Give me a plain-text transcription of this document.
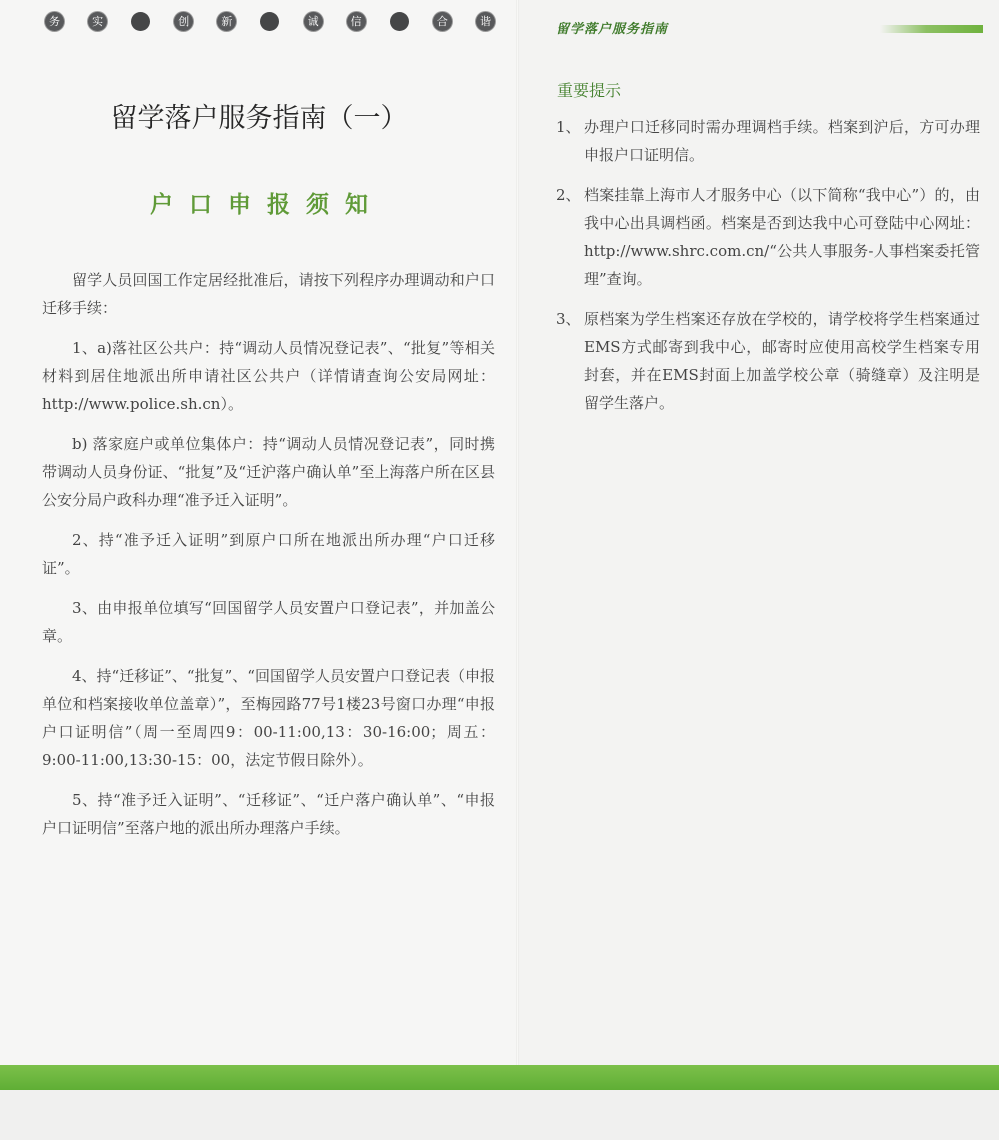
务	实	创	新	诚	信	合	谐
留学落户服务指南
留学落户服务指南（一）
户口申报须知

留学人员回国工作定居经批准后，请按下列程序办理调动和户口迁移手续：

1、a)落社区公共户：持“调动人员情况登记表”、“批复”等相关材料到居住地派出所申请社区公共户（详情请查询公安局网址：http://www.police.sh.cn）。

b) 落家庭户或单位集体户：持“调动人员情况登记表”，同时携带调动人员身份证、“批复”及“迁沪落户确认单”至上海落户所在区县公安分局户政科办理“准予迁入证明”。

2、持“准予迁入证明”到原户口所在地派出所办理“户口迁移证”。

3、由申报单位填写“回国留学人员安置户口登记表”，并加盖公章。

4、持“迁移证”、“批复”、“回国留学人员安置户口登记表（申报单位和档案接收单位盖章）”，至梅园路77号1楼23号窗口办理“申报户口证明信”（周一至周四9：00-11:00,13：30-16:00；周五：9:00-11:00,13:30-15：00，法定节假日除外）。

5、持“准予迁入证明”、“迁移证”、“迁户落户确认单”、“申报户口证明信”至落户地的派出所办理落户手续。

重要提示
1、 办理户口迁移同时需办理调档手续。档案到沪后，方可办理申报户口证明信。
2、 档案挂靠上海市人才服务中心（以下简称“我中心”）的，由我中心出具调档函。档案是否到达我中心可登陆中心网址：http://www.shrc.com.cn/“公共人事服务-人事档案委托管理”查询。
3、 原档案为学生档案还存放在学校的，请学校将学生档案通过EMS方式邮寄到我中心，邮寄时应使用高校学生档案专用封套，并在EMS封面上加盖学校公章（骑缝章）及注明是留学生落户。
